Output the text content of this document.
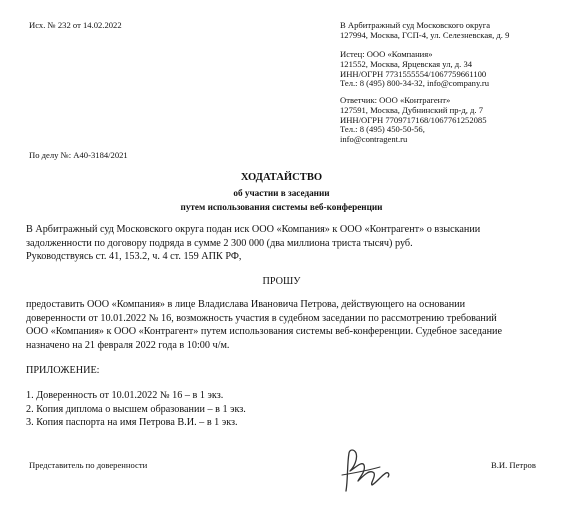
Исх. № 232 от 14.02.2022	В Арбитражный суд Московского округа
127994, Москва, ГСП-4, ул. Селезневская, д. 9
Истец: ООО «Компания»
121552, Москва, Ярцевская ул, д. 34
ИНН/ОГРН 7731555554/1067759661100
Тел.: 8 (495) 800-34-32, info@company.ru
Ответчик: ООО «Контрагент»
127591, Москва, Дубнинский пр-д, д. 7
ИНН/ОГРН 7709717168/1067761252085
Тел.: 8 (495) 450-50-56,
info@contragent.ru
По делу №: А40-3184/2021
ХОДАТАЙСТВО
об участии в заседании
путем использования системы веб-конференции
В Арбитражный суд Московского округа подан иск ООО «Компания» к ООО «Контрагент» о взыскании
задолженности по договору подряда в сумме 2 300 000 (два миллиона триста тысяч) руб.
Руководствуясь ст. 41, 153.2, ч. 4 ст. 159 АПК РФ,
ПРОШУ
предоставить ООО «Компания» в лице Владислава Ивановича Петрова, действующего на основании
доверенности от 10.01.2022 № 16, возможность участия в судебном заседании по рассмотрению требований
ООО «Компания» к ООО «Контрагент» путем использования системы веб-конференции. Судебное заседание
назначено на 21 февраля 2022 года в 10:00 ч/м.
ПРИЛОЖЕНИЕ:
1. Доверенность от 10.01.2022 № 16 – в 1 экз.
2. Копия диплома о высшем образовании – в 1 экз.
3. Копия паспорта на имя Петрова В.И. – в 1 экз.
Представитель по доверенности	В.И. Петров
